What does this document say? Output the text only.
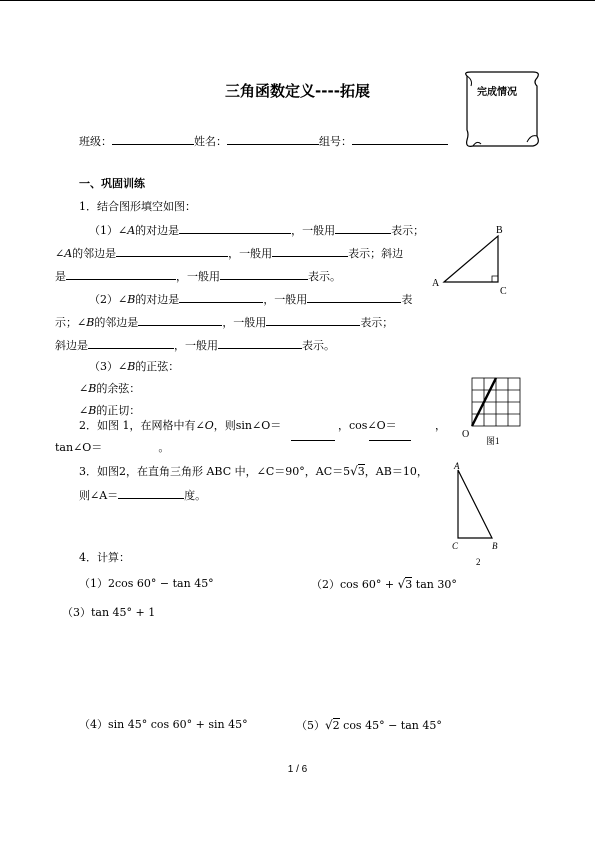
三角函数定义----拓展	完成情况
班级：	姓名：	组号：
一、巩固训练
1．结合图形填空如图：
（1）∠A的对边是	，一般用	表示；
∠A的邻边是	，一般用	表示；斜边
是	，一般用	表示。
（2）∠B的对边是	，一般用	表
示；∠B的邻边是	，一般用	表示；
斜边是	，一般用	表示。
（3）∠B的正弦：
∠B的余弦：
∠B的正切：
A
B
C
2．如图 1，在网格中有∠O，则sin∠O＝	， cos∠O＝	，
tan∠O＝	。
O
图1
3．如图2，在直角三角形 ABC 中，∠C＝90°，AC＝5√3，AB＝10，
则∠A＝	度。
A
C	B
2
4．计算：
（1）2cos 60° − tan 45°	（2）cos 60° + √3 tan 30°
（3）tan 45° + 1
（4）sin 45° cos 60° + sin 45°	（5）√2 cos 45° − tan 45°
1 / 6
